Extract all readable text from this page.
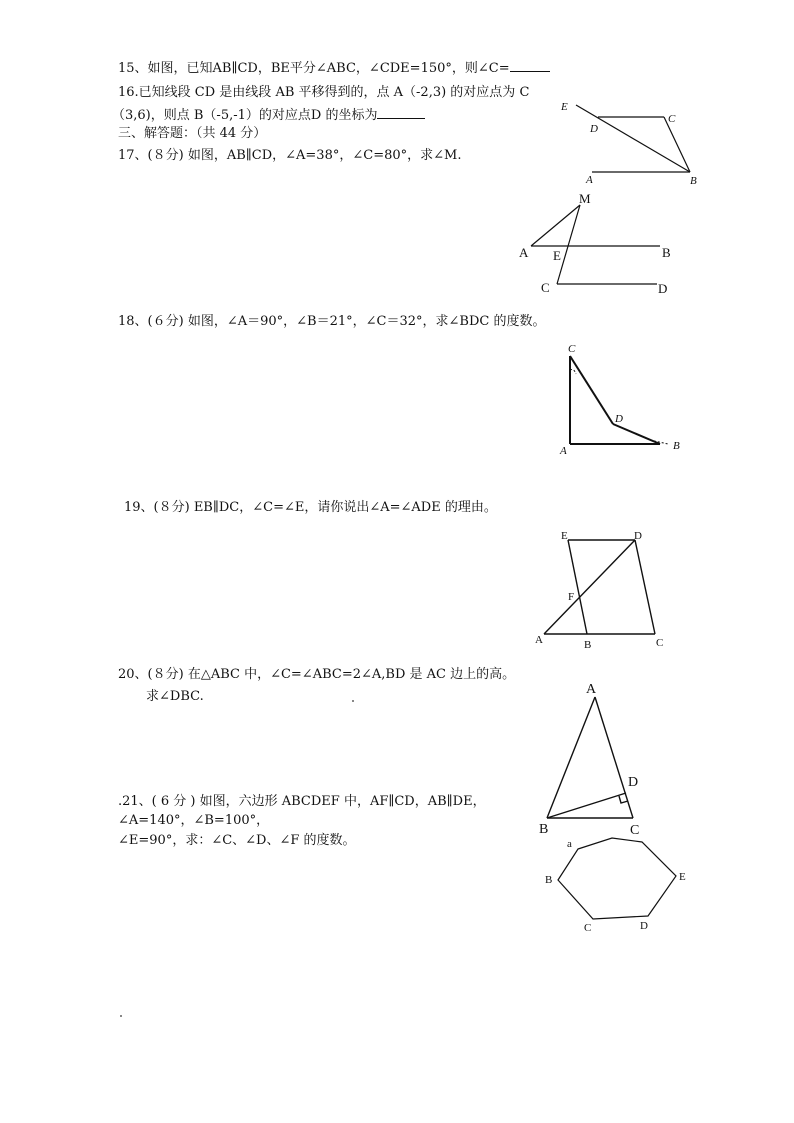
15、如图，已知AB∥CD，BE平分∠ABC，∠CDE=150°，则∠C=
16.已知线段 CD 是由线段 AB 平移得到的，点 A（-2,3) 的对应点为 C
（3,6)，则点 B（-5,-1）的对应点D 的坐标为
三、解答题：（共 44 分）
17、(８分) 如图，AB∥CD，∠A=38°，∠C=80°，求∠M.
18、(６分) 如图，∠A＝90°，∠B＝21°，∠C＝32°，求∠BDC 的度数。
19、(８分) EB∥DC，∠C=∠E，请你说出∠A=∠ADE 的理由。
20、(８分) 在△ABC 中，∠C=∠ABC=2∠A,BD 是 AC 边上的高。
求∠DBC.
.21、( 6 分 ) 如图，六边形 ABCDEF 中，AF∥CD，AB∥DE，
∠A=140°，∠B=100°，
∠E=90°，求：∠C、∠D、∠F 的度数。
E
D
C
A	B
M
A E	B
C	D
C
D
A	B
E	D
F
A	B	C
A
D
B	C
a
B
C	D
E
